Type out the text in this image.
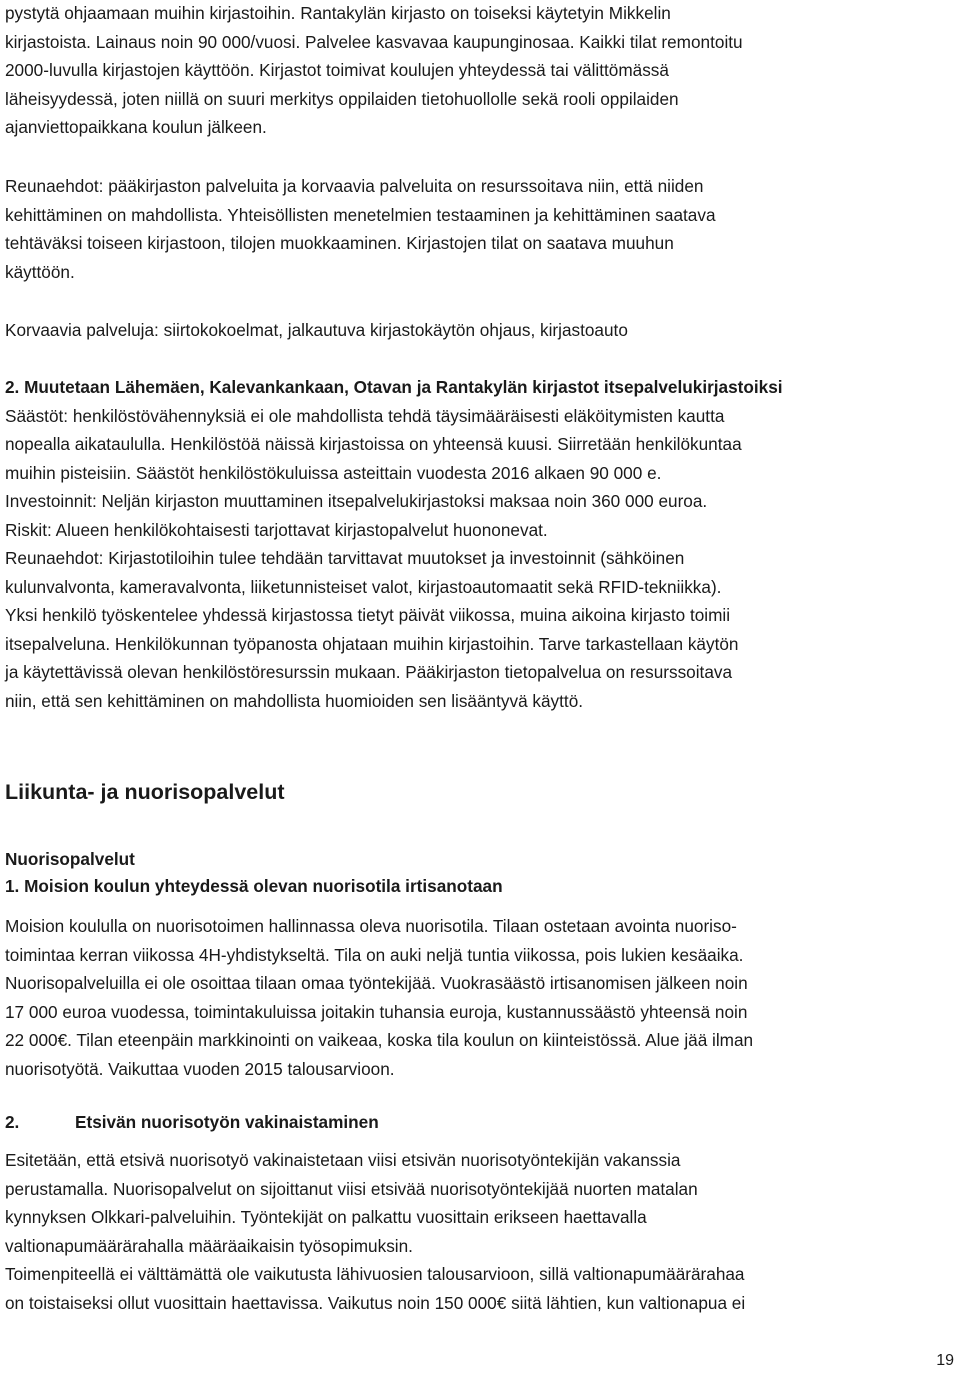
pystytä ohjaamaan muihin kirjastoihin. Rantakylän kirjasto on toiseksi käytetyin Mikkelin
kirjastoista. Lainaus noin 90 000/vuosi. Palvelee kasvavaa kaupunginosaa. Kaikki tilat remontoitu
2000-luvulla kirjastojen käyttöön. Kirjastot toimivat koulujen yhteydessä tai välittömässä
läheisyydessä, joten niillä on suuri merkitys oppilaiden tietohuollolle sekä rooli oppilaiden
ajanviettopaikkana koulun jälkeen.
Reunaehdot: pääkirjaston palveluita ja korvaavia palveluita on resurssoitava niin, että niiden
kehittäminen on mahdollista. Yhteisöllisten menetelmien testaaminen ja kehittäminen saatava
tehtäväksi toiseen kirjastoon, tilojen muokkaaminen. Kirjastojen tilat on saatava muuhun
käyttöön.
Korvaavia palveluja: siirtokokoelmat, jalkautuva kirjastokäytön ohjaus, kirjastoauto
2. Muutetaan Lähemäen, Kalevankankaan, Otavan ja Rantakylän kirjastot itsepalvelukirjastoiksi
Säästöt: henkilöstövähennyksiä ei ole mahdollista tehdä täysimääräisesti eläköitymisten kautta
nopealla aikataululla. Henkilöstöä näissä kirjastoissa on yhteensä kuusi. Siirretään henkilökuntaa
muihin pisteisiin. Säästöt henkilöstökuluissa asteittain vuodesta 2016 alkaen 90 000 e.
Investoinnit: Neljän kirjaston muuttaminen itsepalvelukirjastoksi maksaa noin 360 000 euroa.
Riskit: Alueen henkilökohtaisesti tarjottavat kirjastopalvelut huononevat.
Reunaehdot: Kirjastotiloihin tulee tehdään tarvittavat muutokset ja investoinnit (sähköinen
kulunvalvonta, kameravalvonta, liiketunnisteiset valot, kirjastoautomaatit sekä RFID-tekniikka).
Yksi henkilö työskentelee yhdessä kirjastossa tietyt päivät viikossa, muina aikoina kirjasto toimii
itsepalveluna. Henkilökunnan työpanosta ohjataan muihin kirjastoihin. Tarve tarkastellaan käytön
ja käytettävissä olevan henkilöstöresurssin mukaan. Pääkirjaston tietopalvelua on resurssoitava
niin, että sen kehittäminen on mahdollista huomioiden sen lisääntyvä käyttö.
Liikunta- ja nuorisopalvelut
Nuorisopalvelut
1. Moision koulun yhteydessä olevan nuorisotila irtisanotaan
Moision koululla on nuorisotoimen hallinnassa oleva nuorisotila. Tilaan ostetaan avointa nuoriso-
toimintaa kerran viikossa 4H-yhdistykseltä. Tila on auki neljä tuntia viikossa, pois lukien kesäaika.
Nuorisopalveluilla ei ole osoittaa tilaan omaa työntekijää. Vuokrasäästö irtisanomisen jälkeen noin
17 000 euroa vuodessa, toimintakuluissa joitakin tuhansia euroja, kustannussäästö yhteensä noin
22 000€. Tilan eteenpäin markkinointi on vaikeaa, koska tila koulun on kiinteistössä. Alue jää ilman
nuorisotyötä. Vaikuttaa vuoden 2015 talousarvioon.
2.	Etsivän nuorisotyön vakinaistaminen
Esitetään, että etsivä nuorisotyö vakinaistetaan viisi etsivän nuorisotyöntekijän vakanssia
perustamalla. Nuorisopalvelut on sijoittanut viisi etsivää nuorisotyöntekijää nuorten matalan
kynnyksen Olkkari-palveluihin. Työntekijät on palkattu vuosittain erikseen haettavalla
valtionapumäärärahalla määräaikaisin työsopimuksin.
Toimenpiteellä ei välttämättä ole vaikutusta lähivuosien talousarvioon, sillä valtionapumäärärahaa
on toistaiseksi ollut vuosittain haettavissa. Vaikutus noin 150 000€ siitä lähtien, kun valtionapua ei
19
